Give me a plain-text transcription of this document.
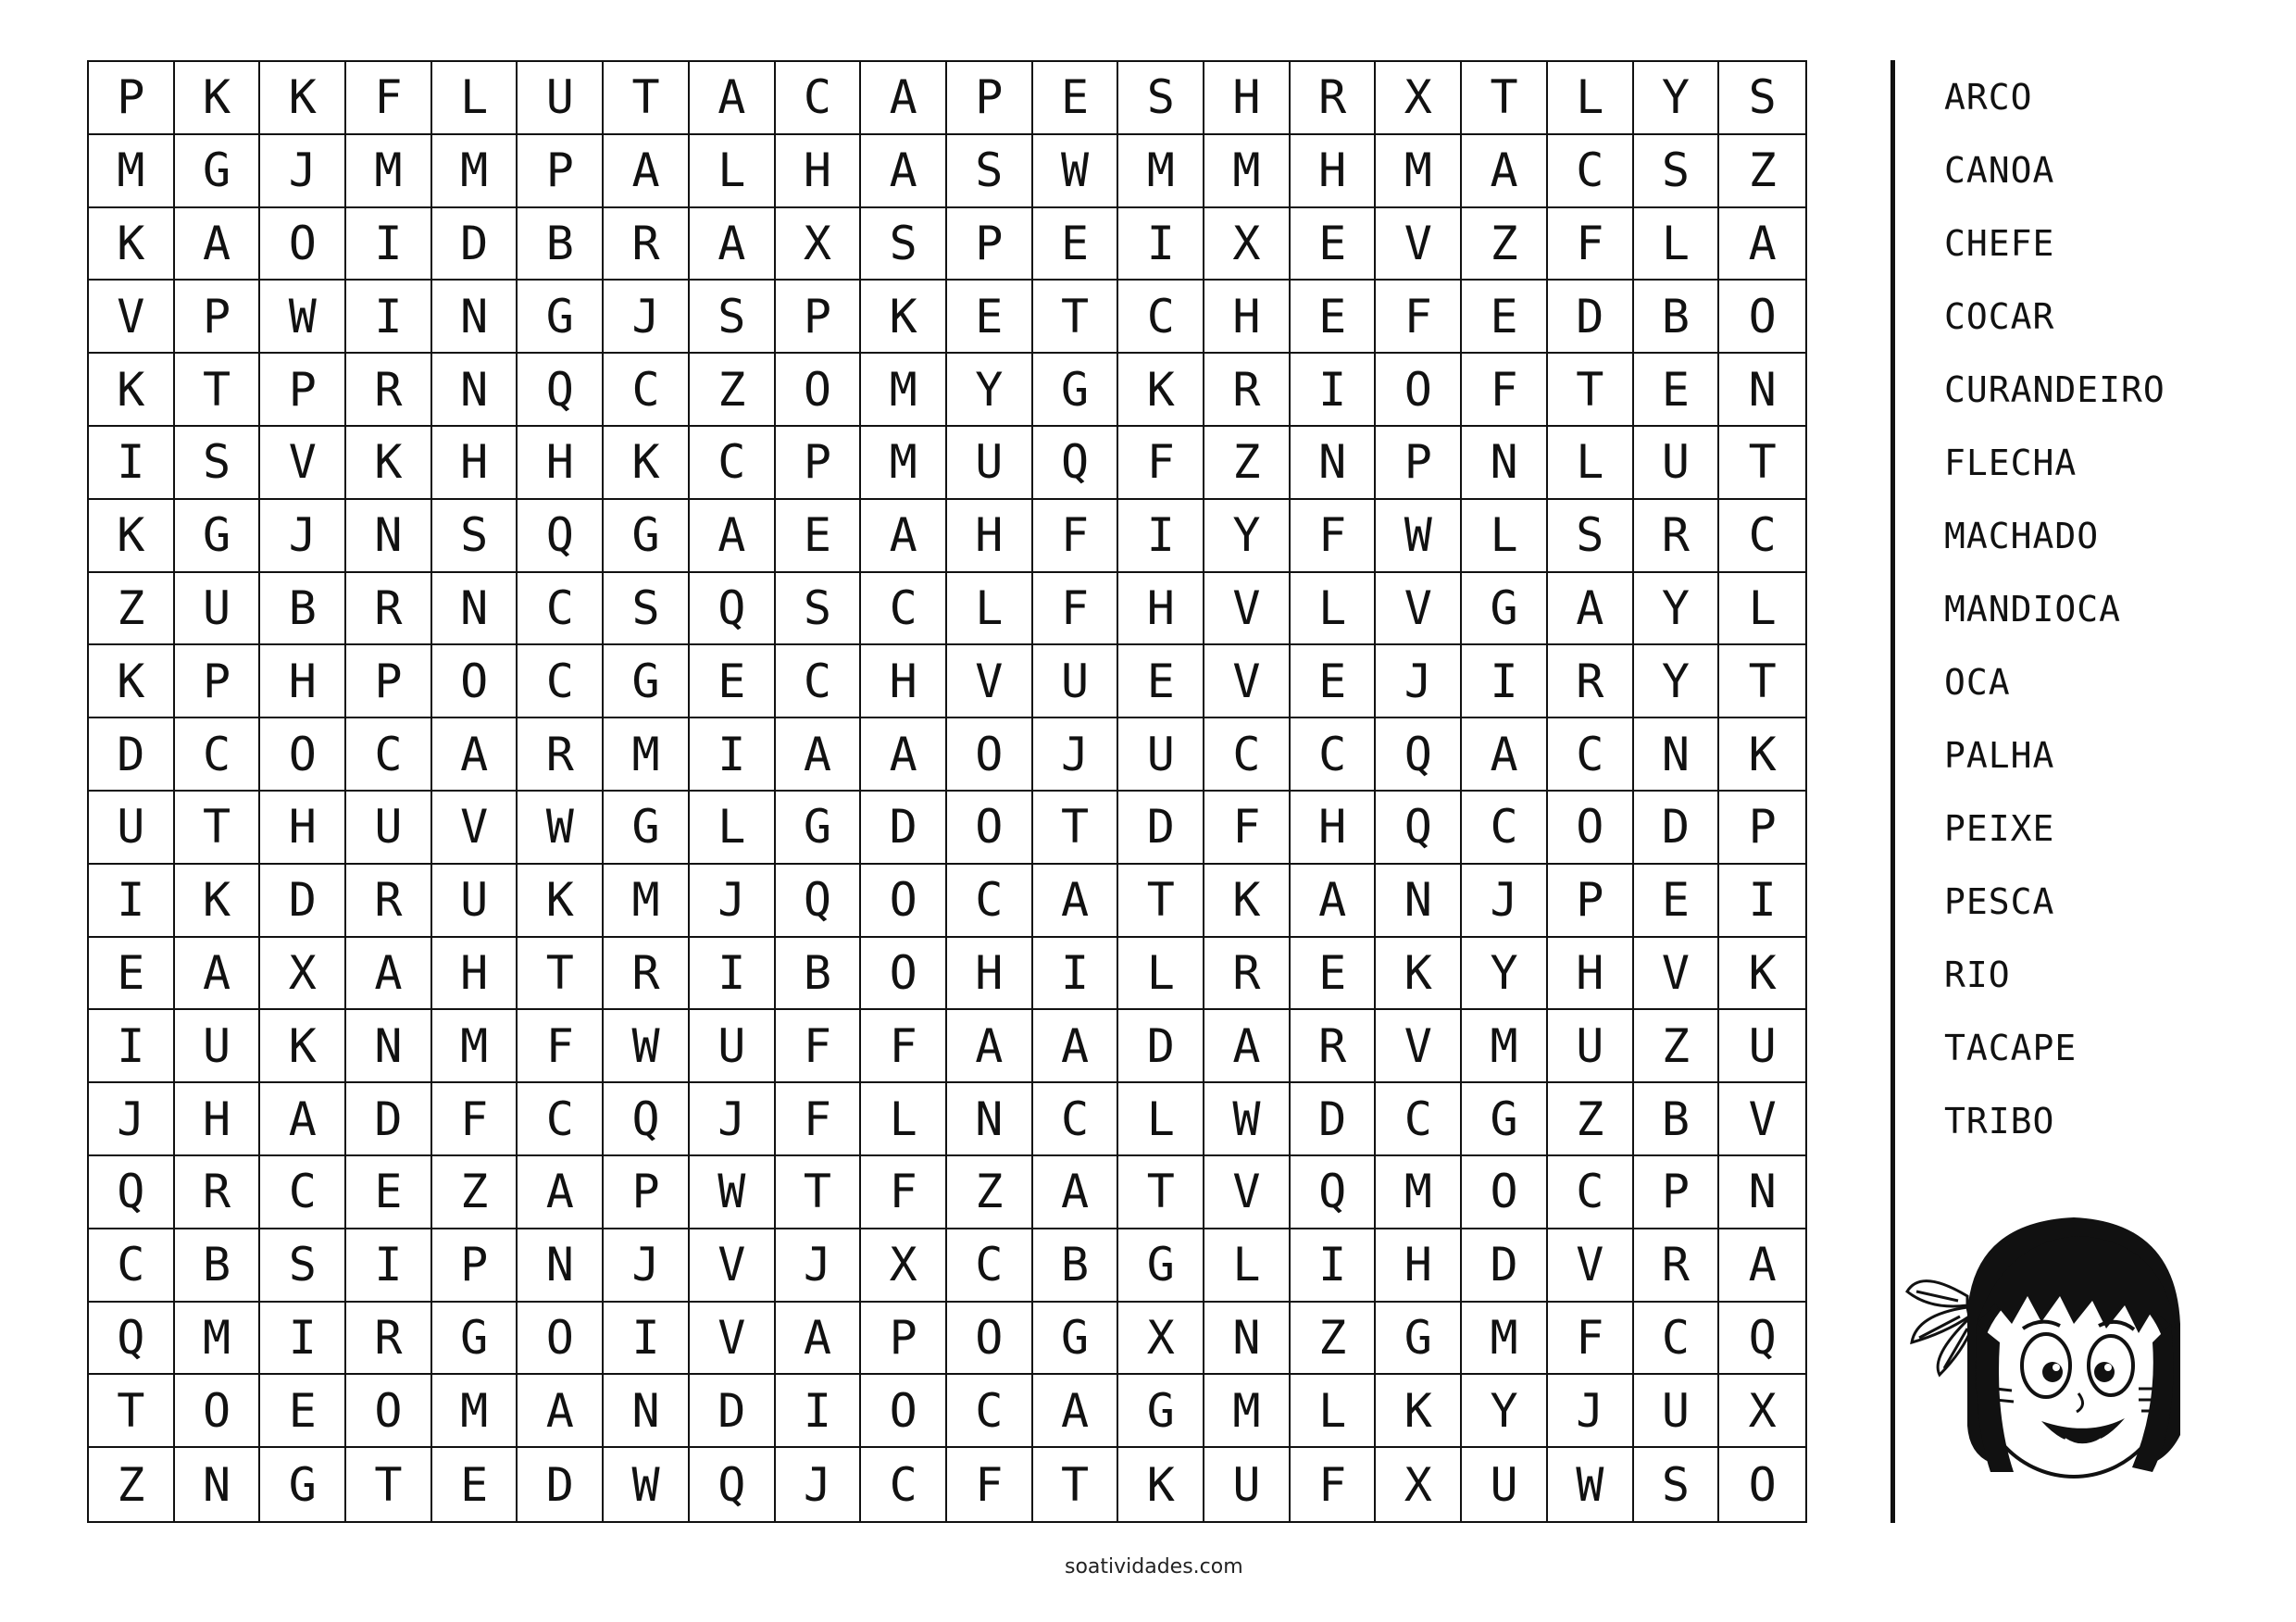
P	K	K	F	L	U	T	A	C	A	P	E	S	H	R	X	T	L	Y	S
M	G	J	M	M	P	A	L	H	A	S	W	M	M	H	M	A	C	S	Z
K	A	O	I	D	B	R	A	X	S	P	E	I	X	E	V	Z	F	L	A
V	P	W	I	N	G	J	S	P	K	E	T	C	H	E	F	E	D	B	O
K	T	P	R	N	Q	C	Z	O	M	Y	G	K	R	I	O	F	T	E	N
I	S	V	K	H	H	K	C	P	M	U	Q	F	Z	N	P	N	L	U	T
K	G	J	N	S	Q	G	A	E	A	H	F	I	Y	F	W	L	S	R	C
Z	U	B	R	N	C	S	Q	S	C	L	F	H	V	L	V	G	A	Y	L
K	P	H	P	O	C	G	E	C	H	V	U	E	V	E	J	I	R	Y	T
D	C	O	C	A	R	M	I	A	A	O	J	U	C	C	Q	A	C	N	K
U	T	H	U	V	W	G	L	G	D	O	T	D	F	H	Q	C	O	D	P
I	K	D	R	U	K	M	J	Q	O	C	A	T	K	A	N	J	P	E	I
E	A	X	A	H	T	R	I	B	O	H	I	L	R	E	K	Y	H	V	K
I	U	K	N	M	F	W	U	F	F	A	A	D	A	R	V	M	U	Z	U
J	H	A	D	F	C	Q	J	F	L	N	C	L	W	D	C	G	Z	B	V
Q	R	C	E	Z	A	P	W	T	F	Z	A	T	V	Q	M	O	C	P	N
C	B	S	I	P	N	J	V	J	X	C	B	G	L	I	H	D	V	R	A
Q	M	I	R	G	O	I	V	A	P	O	G	X	N	Z	G	M	F	C	Q
T	O	E	O	M	A	N	D	I	O	C	A	G	M	L	K	Y	J	U	X
Z	N	G	T	E	D	W	Q	J	C	F	T	K	U	F	X	U	W	S	O
ARCO
CANOA
CHEFE
COCAR
CURANDEIRO
FLECHA
MACHADO
MANDIOCA
OCA
PALHA
PEIXE
PESCA
RIO
TACAPE
TRIBO
soatividades.com
